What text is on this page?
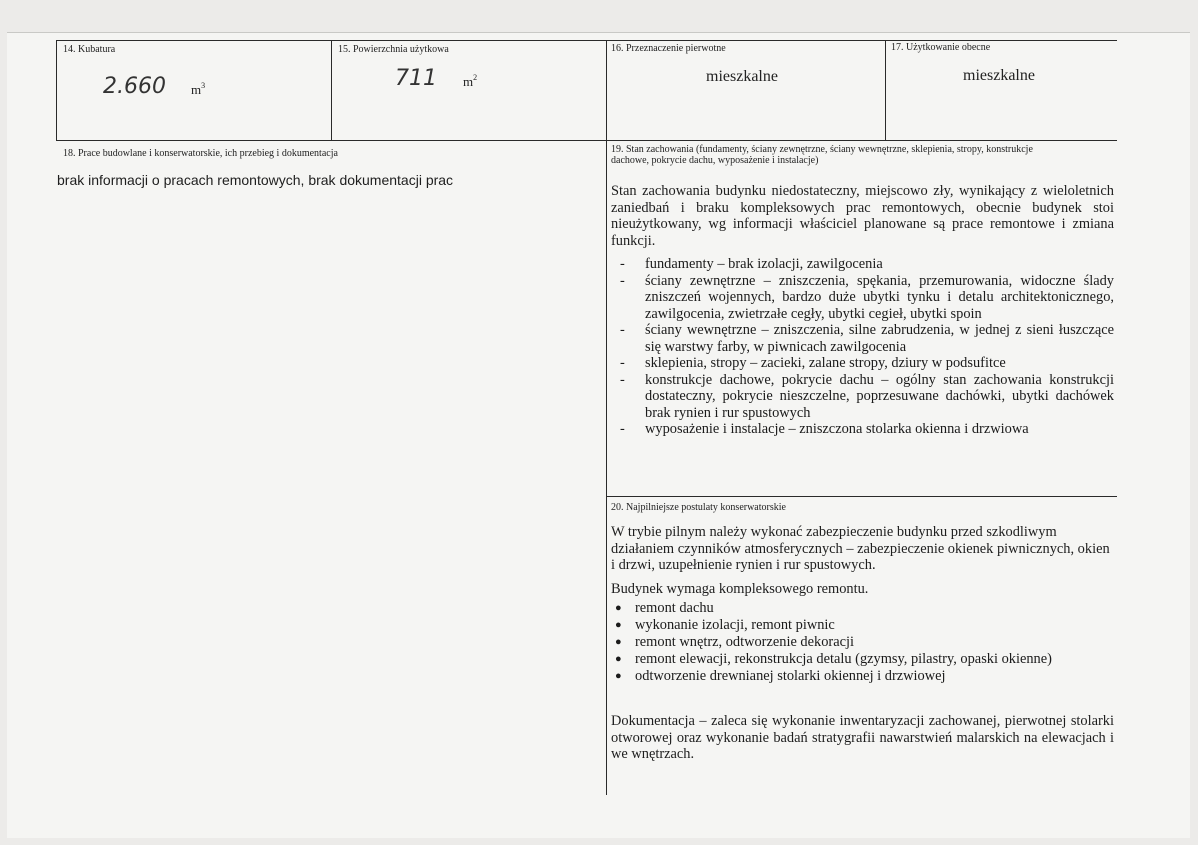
14. Kubatura
2.660 $m^3$
15. Powierzchnia użytkowa
711 $m^2$
16. Przeznaczenie pierwotne
mieszkalne
17. Użytkowanie obecne
mieszkalne
18. Prace budowlane i konserwatorskie, ich przebieg i dokumentacja
brak informacji o pracach remontowych, brak dokumentacji prac
19. Stan zachowania (fundamenty, ściany zewnętrzne, ściany wewnętrzne, sklepienia, stropy, konstrukcje
dachowe, pokrycie dachu, wyposażenie i instalacje)
Stan zachowania budynku niedostateczny, miejscowo zły, wynikający z wieloletnich zaniedbań i braku kompleksowych prac remontowych, obecnie budynek stoi nieużytkowany, wg informacji właściciel planowane są prace remontowe i zmiana funkcji.
- fundamenty – brak izolacji, zawilgocenia
- ściany zewnętrzne – zniszczenia, spękania, przemurowania, widoczne ślady zniszczeń wojennych, bardzo duże ubytki tynku i detalu architektonicznego, zawilgocenia, zwietrzałe cegły, ubytki cegieł, ubytki spoin
- ściany wewnętrzne – zniszczenia, silne zabrudzenia, w jednej z sieni łuszczące się warstwy farby, w piwnicach zawilgocenia
- sklepienia, stropy – zacieki, zalane stropy, dziury w podsufitce
- konstrukcje dachowe, pokrycie dachu – ogólny stan zachowania konstrukcji dostateczny, pokrycie nieszczelne, poprzesuwane dachówki, ubytki dachówek brak rynien i rur spustowych
- wyposażenie i instalacje – zniszczona stolarka okienna i drzwiowa
20. Najpilniejsze postulaty konserwatorskie
W trybie pilnym należy wykonać zabezpieczenie budynku przed szkodliwym działaniem czynników atmosferycznych – zabezpieczenie okienek piwnicznych, okien i drzwi, uzupełnienie rynien i rur spustowych.
Budynek wymaga kompleksowego remontu.
● remont dachu
● wykonanie izolacji, remont piwnic
● remont wnętrz, odtworzenie dekoracji
● remont elewacji, rekonstrukcja detalu (gzymsy, pilastry, opaski okienne)
● odtworzenie drewnianej stolarki okiennej i drzwiowej
Dokumentacja – zaleca się wykonanie inwentaryzacji zachowanej, pierwotnej stolarki otworowej oraz wykonanie badań stratygrafii nawarstwień malarskich na elewacjach i we wnętrzach.
